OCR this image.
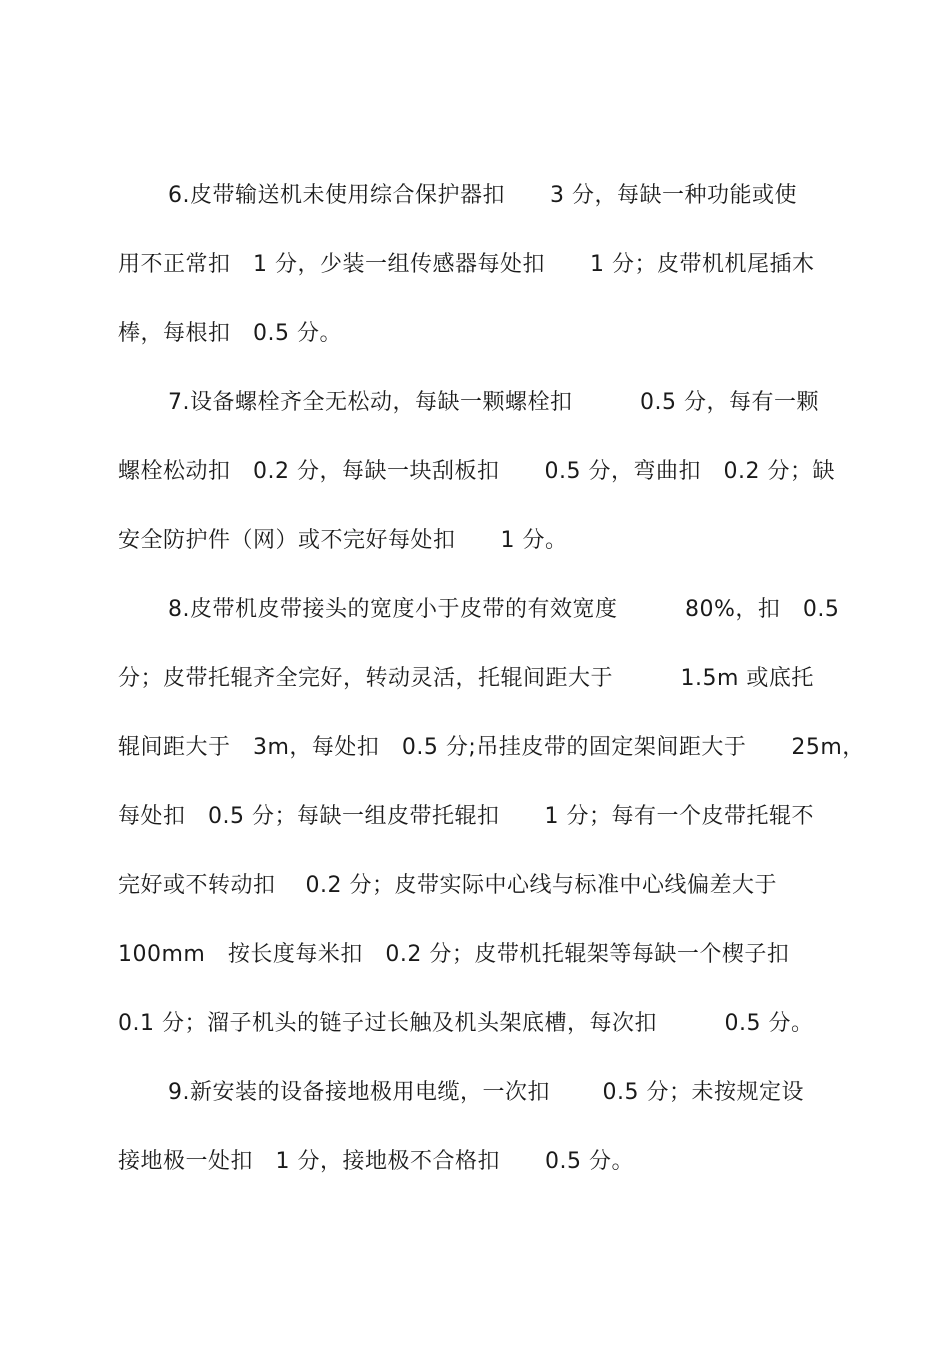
6.皮带输送机未使用综合保护器扣　　3 分，每缺一种功能或使
用不正常扣　1 分，少装一组传感器每处扣　　1 分；皮带机机尾插木
棒，每根扣　0.5 分。
7.设备螺栓齐全无松动，每缺一颗螺栓扣　　　0.5 分，每有一颗
螺栓松动扣　0.2 分，每缺一块刮板扣　　0.5 分，弯曲扣　0.2 分；缺
安全防护件（网）或不完好每处扣　　1 分。
8.皮带机皮带接头的宽度小于皮带的有效宽度　　　80%，扣　0.5
分；皮带托辊齐全完好，转动灵活，托辊间距大于　　　1.5m 或底托
辊间距大于　3m，每处扣　0.5 分;吊挂皮带的固定架间距大于　　25m，
每处扣　0.5 分；每缺一组皮带托辊扣　　1 分；每有一个皮带托辊不
完好或不转动扣　 0.2 分；皮带实际中心线与标准中心线偏差大于
100mm　按长度每米扣　0.2 分；皮带机托辊架等每缺一个楔子扣
0.1 分；溜子机头的链子过长触及机头架底槽，每次扣　　　0.5 分。
9.新安装的设备接地极用电缆，一次扣　　 0.5 分；未按规定设
接地极一处扣　1 分，接地极不合格扣　　0.5 分。
